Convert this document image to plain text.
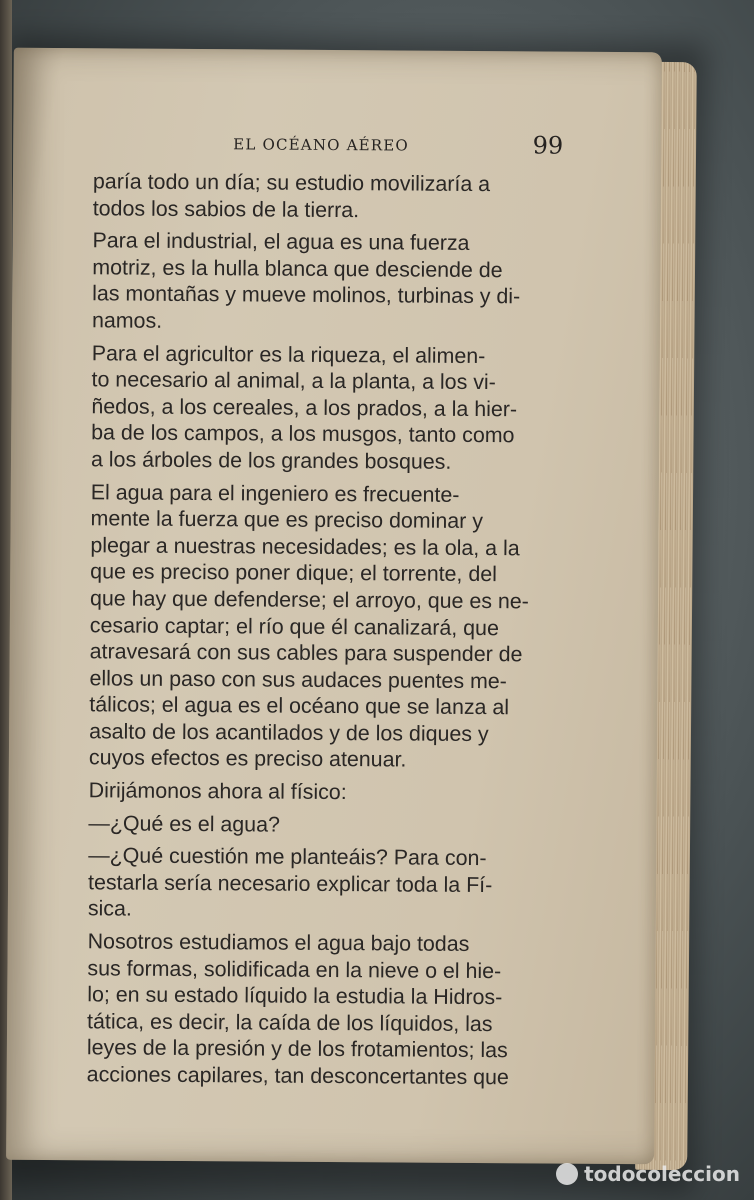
EL OCÉANO AÉREO	99

paría todo un día; su estudio movilizaría a
todos los sabios de la tierra.

Para el industrial, el agua es una fuerza
motriz, es la hulla blanca que desciende de
las montañas y mueve molinos, turbinas y di-
namos.

Para el agricultor es la riqueza, el alimen-
to necesario al animal, a la planta, a los vi-
ñedos, a los cereales, a los prados, a la hier-
ba de los campos, a los musgos, tanto como
a los árboles de los grandes bosques.

El agua para el ingeniero es frecuente-
mente la fuerza que es preciso dominar y
plegar a nuestras necesidades; es la ola, a la
que es preciso poner dique; el torrente, del
que hay que defenderse; el arroyo, que es ne-
cesario captar; el río que él canalizará, que
atravesará con sus cables para suspender de
ellos un paso con sus audaces puentes me-
tálicos; el agua es el océano que se lanza al
asalto de los acantilados y de los diques y
cuyos efectos es preciso atenuar.

Dirijámonos ahora al físico:

—¿Qué es el agua?

—¿Qué cuestión me planteáis? Para con-
testarla sería necesario explicar toda la Fí-
sica.

Nosotros estudiamos el agua bajo todas
sus formas, solidificada en la nieve o el hie-
lo; en su estado líquido la estudia la Hidros-
tática, es decir, la caída de los líquidos, las
leyes de la presión y de los frotamientos; las
acciones capilares, tan desconcertantes que

todocoleccion
